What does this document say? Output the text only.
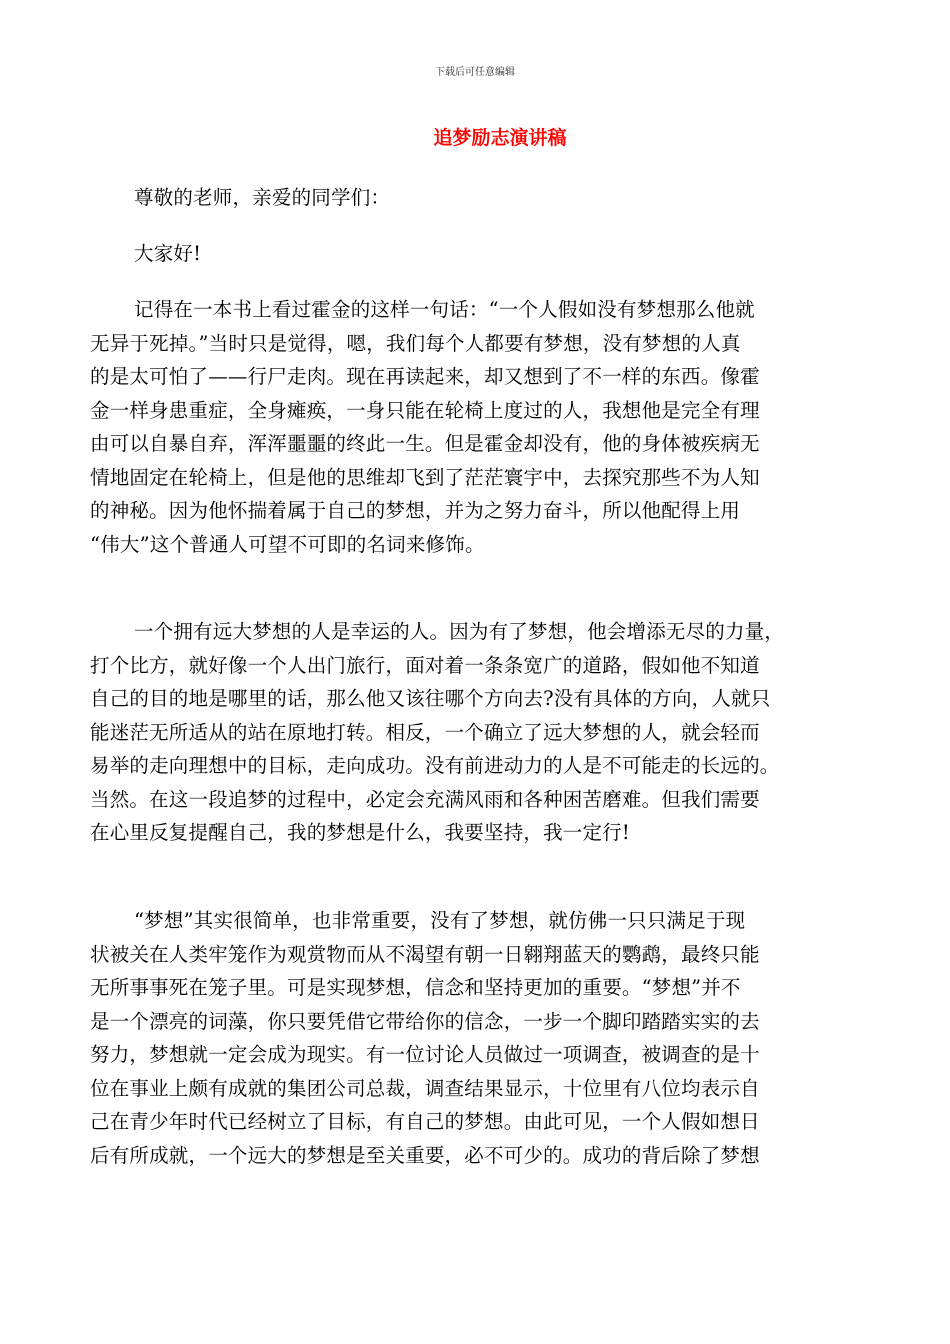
下载后可任意编辑
追梦励志演讲稿
尊敬的老师，亲爱的同学们：
大家好!
记得在一本书上看过霍金的这样一句话：“一个人假如没有梦想那么他就
无异于死掉。”当时只是觉得，嗯，我们每个人都要有梦想，没有梦想的人真
的是太可怕了——行尸走肉。现在再读起来，却又想到了不一样的东西。像霍
金一样身患重症，全身瘫痪，一身只能在轮椅上度过的人，我想他是完全有理
由可以自暴自弃，浑浑噩噩的终此一生。但是霍金却没有，他的身体被疾病无
情地固定在轮椅上，但是他的思维却飞到了茫茫寰宇中，去探究那些不为人知
的神秘。因为他怀揣着属于自己的梦想，并为之努力奋斗，所以他配得上用
“伟大”这个普通人可望不可即的名词来修饰。
一个拥有远大梦想的人是幸运的人。因为有了梦想，他会增添无尽的力量，
打个比方，就好像一个人出门旅行，面对着一条条宽广的道路，假如他不知道
自己的目的地是哪里的话，那么他又该往哪个方向去?没有具体的方向，人就只
能迷茫无所适从的站在原地打转。相反，一个确立了远大梦想的人，就会轻而
易举的走向理想中的目标，走向成功。没有前进动力的人是不可能走的长远的。
当然。在这一段追梦的过程中，必定会充满风雨和各种困苦磨难。但我们需要
在心里反复提醒自己，我的梦想是什么，我要坚持，我一定行!
“梦想”其实很简单，也非常重要，没有了梦想，就仿佛一只只满足于现
状被关在人类牢笼作为观赏物而从不渴望有朝一日翱翔蓝天的鹦鹉，最终只能
无所事事死在笼子里。可是实现梦想，信念和坚持更加的重要。“梦想”并不
是一个漂亮的词藻，你只要凭借它带给你的信念，一步一个脚印踏踏实实的去
努力，梦想就一定会成为现实。有一位讨论人员做过一项调查，被调查的是十
位在事业上颇有成就的集团公司总裁，调查结果显示，十位里有八位均表示自
己在青少年时代已经树立了目标，有自己的梦想。由此可见，一个人假如想日
后有所成就，一个远大的梦想是至关重要，必不可少的。成功的背后除了梦想
